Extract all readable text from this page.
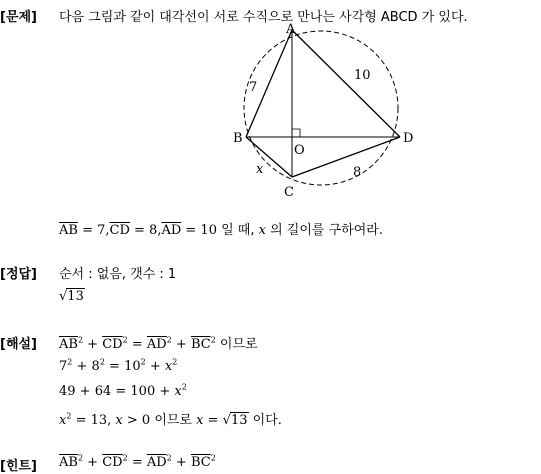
[문제] 다음 그림과 같이 대각선이 서로 수직으로 만나는 사각형 ABCD 가 있다.
A
B
C
D
O
7
10
8
x
$\overline{AB} = 7,\overline{CD} = 8,\overline{AD} = 10$ 일 때, x 의 길이를 구하여라.
[정답] 순서 : 없음, 갯수 : 1
√13
[해설] $\overline{AB}^2 + \overline{CD}^2 = \overline{AD}^2 + \overline{BC}^2$ 이므로
$7^2 + 8^2 = 10^2 + x^2$
$49 + 64 = 100 + x^2$
$x^2 = 13$, x > 0 이므로 x = √13 이다.
[힌트] $\overline{AB}^2 + \overline{CD}^2 = \overline{AD}^2 + \overline{BC}^2$
